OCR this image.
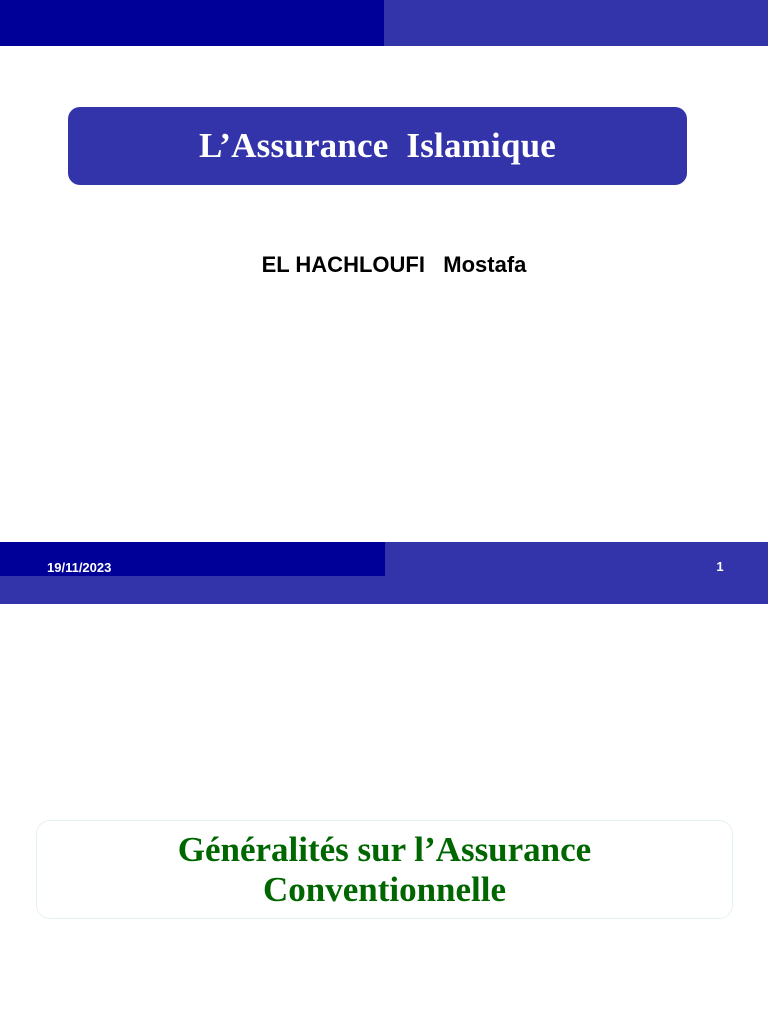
L’Assurance  Islamique
EL HACHLOUFI   Mostafa
19/11/2023	1
Généralités sur l’Assurance
Conventionnelle
